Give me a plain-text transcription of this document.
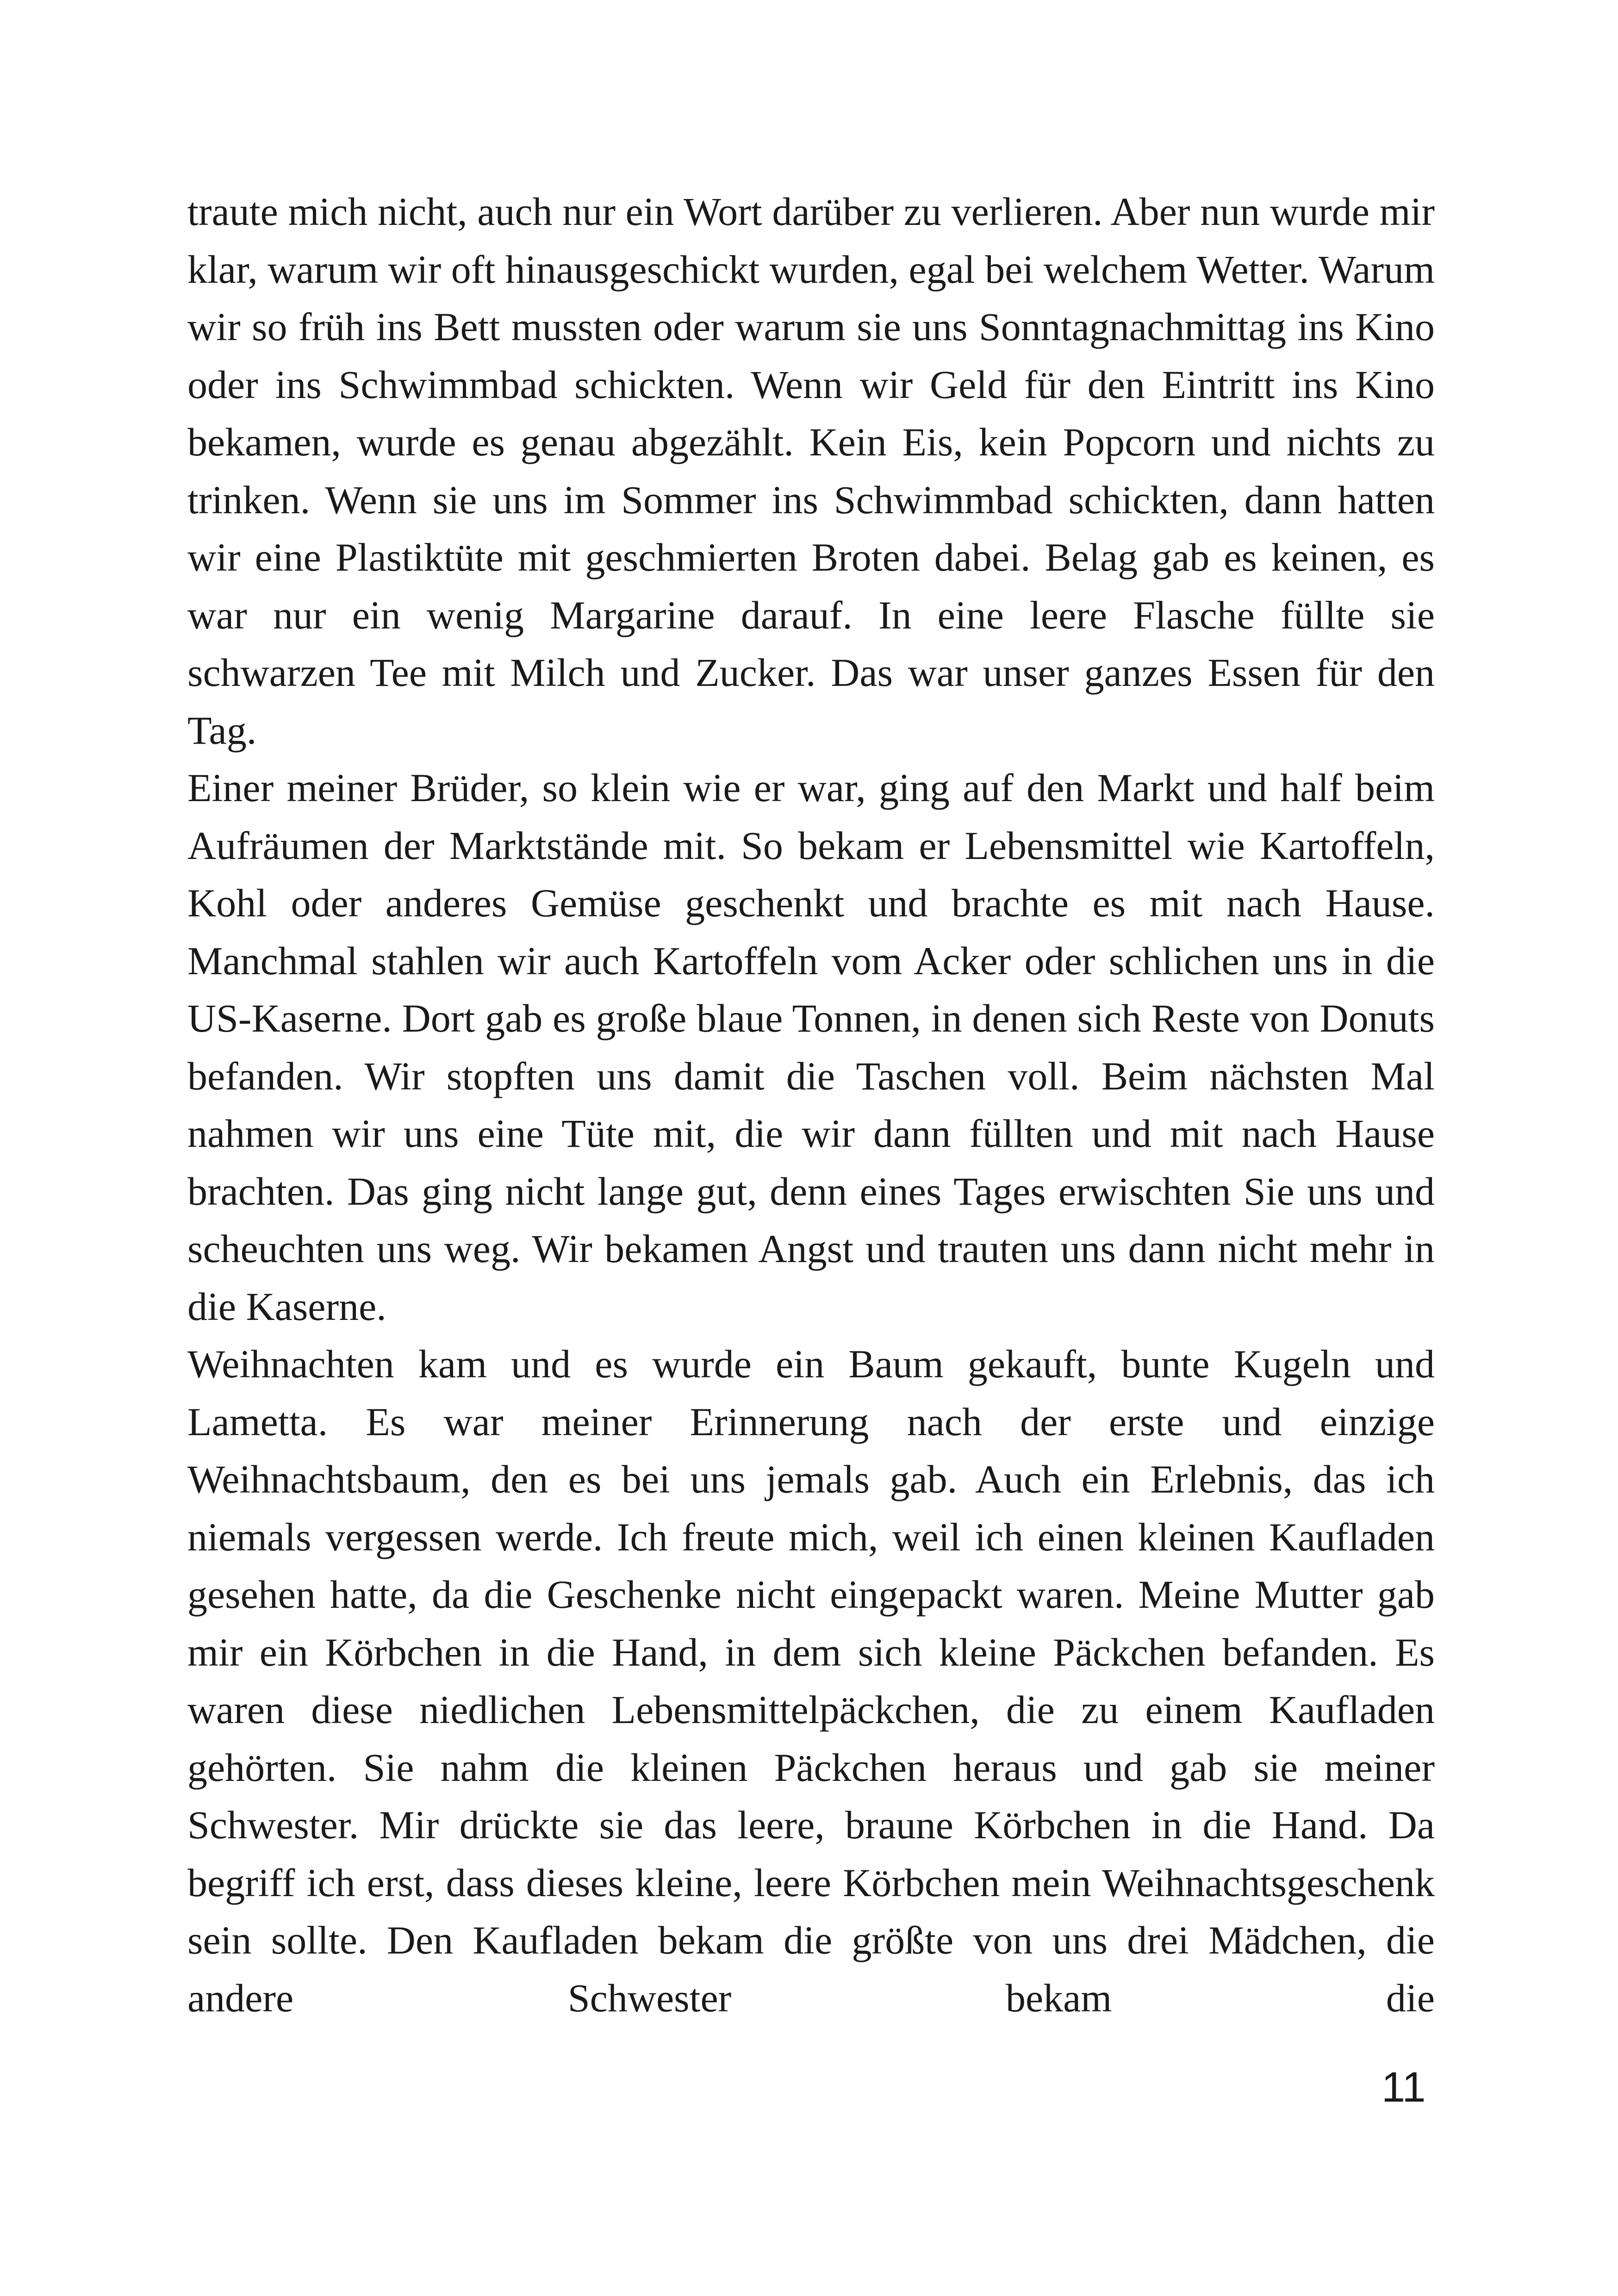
traute mich nicht, auch nur ein Wort darüber zu verlieren. Aber nun wurde mir klar, warum wir oft hinausgeschickt wurden, egal bei welchem Wetter. Warum wir so früh ins Bett mussten oder warum sie uns Sonntagnachmittag ins Kino oder ins Schwimmbad schickten. Wenn wir Geld für den Eintritt ins Kino bekamen, wurde es genau abgezählt. Kein Eis, kein Popcorn und nichts zu trinken. Wenn sie uns im Sommer ins Schwimmbad schickten, dann hatten wir eine Plastiktüte mit geschmierten Broten dabei. Belag gab es keinen, es war nur ein wenig Margarine darauf. In eine leere Flasche füllte sie schwarzen Tee mit Milch und Zucker. Das war unser ganzes Essen für den Tag.

Einer meiner Brüder, so klein wie er war, ging auf den Markt und half beim Aufräumen der Marktstände mit. So bekam er Lebensmittel wie Kartoffeln, Kohl oder anderes Gemüse geschenkt und brachte es mit nach Hause. Manchmal stahlen wir auch Kartoffeln vom Acker oder schlichen uns in die US-Kaserne. Dort gab es große blaue Tonnen, in denen sich Reste von Donuts befanden. Wir stopften uns damit die Taschen voll. Beim nächsten Mal nahmen wir uns eine Tüte mit, die wir dann füllten und mit nach Hause brachten. Das ging nicht lange gut, denn eines Tages erwischten Sie uns und scheuchten uns weg. Wir bekamen Angst und trauten uns dann nicht mehr in die Kaserne.

Weihnachten kam und es wurde ein Baum gekauft, bunte Kugeln und Lametta. Es war meiner Erinnerung nach der erste und einzige Weihnachtsbaum, den es bei uns jemals gab. Auch ein Erlebnis, das ich niemals vergessen werde. Ich freute mich, weil ich einen kleinen Kaufladen gesehen hatte, da die Geschenke nicht eingepackt waren. Meine Mutter gab mir ein Körbchen in die Hand, in dem sich kleine Päckchen befanden. Es waren diese niedlichen Lebensmittelpäckchen, die zu einem Kaufladen gehörten. Sie nahm die kleinen Päckchen heraus und gab sie meiner Schwester. Mir drückte sie das leere, braune Körbchen in die Hand. Da begriff ich erst, dass dieses kleine, leere Körbchen mein Weihnachtsgeschenk sein sollte. Den Kaufladen bekam die größte von uns drei Mädchen, die andere Schwester bekam die

11
